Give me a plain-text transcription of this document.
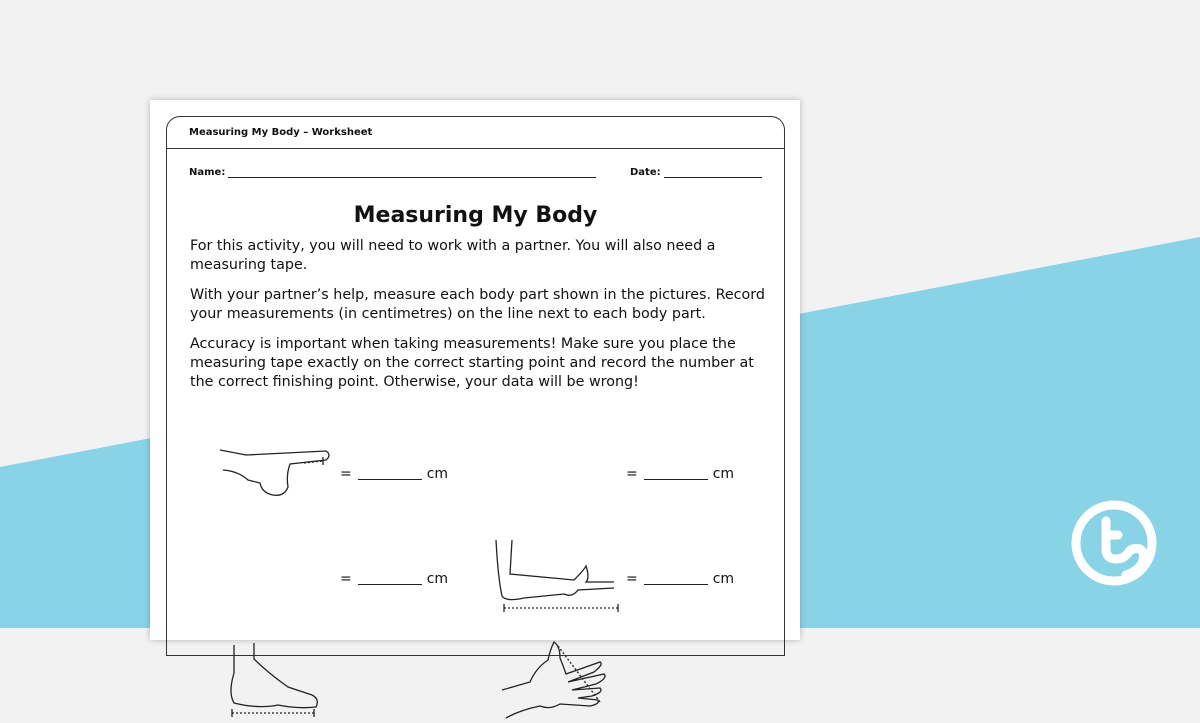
Measuring My Body – Worksheet
Name:	Date:
Measuring My Body
For this activity, you will need to work with a partner. You will also need a measuring tape.
With your partner’s help, measure each body part shown in the pictures. Record your measurements (in centimetres) on the line next to each body part.
Accuracy is important when taking measurements! Make sure you place the measuring tape exactly on the correct starting point and record the number at the correct finishing point. Otherwise, your data will be wrong!
=	cm	=	cm
=	cm	=	cm
